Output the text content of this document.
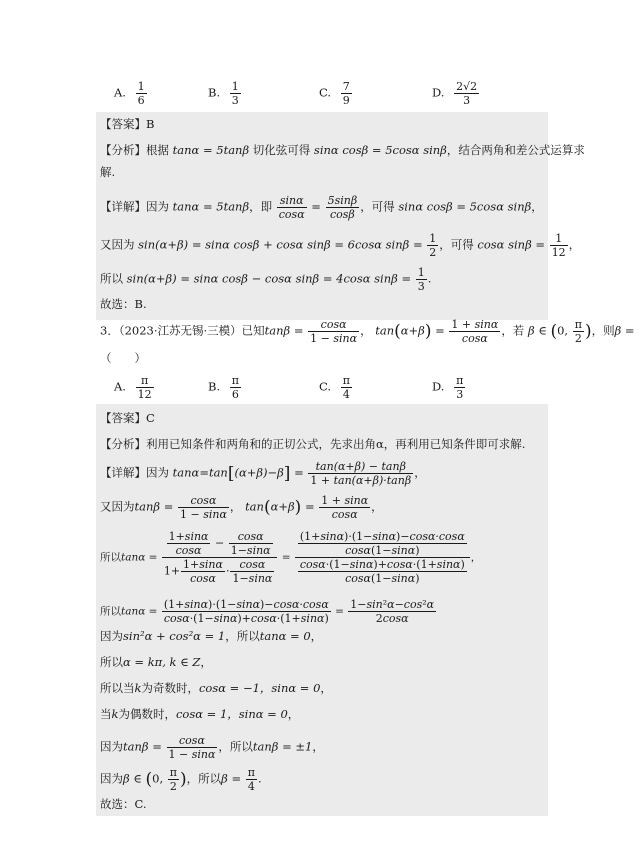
A. $\frac{1}{6}$	B. $\frac{1}{3}$	C. $\frac{7}{9}$	D. $\frac{2√2}{3}$
【答案】B
【分析】根据 tanα = 5tanβ 切化弦可得 sinα cosβ = 5cosα sinβ，结合两角和差公式运算求
解.
【详解】因为 tanα = 5tanβ，即 $\frac{\sin\alpha}{\cos\alpha} = \frac{5\sin\beta}{\cos\beta}$ ，可得 sinα cosβ = 5cosα sinβ，
又因为 sin(α+β) = sinα cosβ + cosα sinβ = 6cosα $\sin\beta = \frac{1}{2}$ ，可得 cosα $\sin\beta = \frac{1}{12}$ ，
所以 sin(α+β) = sinα cosβ − cosα sinβ = 4cosα $\sin\beta = \frac{1}{3}$ .
故选：B.
3．（2023·江苏无锡·三模）已知$\tan\beta = \frac{\cos\alpha}{1 - \sin\alpha}$ ， $\tan(\alpha+\beta) = \frac{1 + \sin\alpha}{\cos\alpha}$ ，若 β ∈ (0, $\frac{\pi}{2}$ )，则β =
（　　）
A. $\frac{\pi}{12}$	B. $\frac{\pi}{6}$	C. $\frac{\pi}{4}$	D. $\frac{\pi}{3}$
【答案】C
【分析】利用已知条件和两角和的正切公式，先求出角α，再利用已知条件即可求解.
【详解】因为 $\tan\alpha=\tan[(\alpha+\beta)-\beta] = \frac{\tan(\alpha+\beta) - \tan\beta}{1 + \tan(\alpha+\beta)\cdot\tan\beta}$ ，
又因为$\tan\beta = \frac{\cos\alpha}{1 - \sin\alpha}$ ， $\tan(\alpha+\beta) = \frac{1 + \sin\alpha}{\cos\alpha}$ ，
所以$\tan\alpha = \frac{\frac{1+\sin\alpha}{\cos\alpha} - \frac{\cos\alpha}{1-\sin\alpha}}{1+ \frac{1+\sin\alpha}{\cos\alpha} \cdot \frac{\cos\alpha}{1-\sin\alpha}} = \frac{\frac{(1+\sin\alpha)\cdot(1-\sin\alpha)-\cos\alpha\cdot\cos\alpha}{\cos\alpha(1-\sin\alpha)}}{\frac{\cos\alpha\cdot(1-\sin\alpha)+\cos\alpha\cdot(1+\sin\alpha)}{\cos\alpha(1-\sin\alpha)}}$ ，
所以$\tan\alpha = \frac{(1+\sin\alpha)\cdot(1-\sin\alpha)-\cos\alpha\cdot\cos\alpha}{\cos\alpha\cdot(1-\sin\alpha)+\cos\alpha\cdot(1+\sin\alpha)} = \frac{\text{1−sin²α−cos²α}}{2\cos\alpha}$
因为sin²α + cos²α = 1，所以tanα = 0，
所以α = kπ, k ∈ Z，
所以当k为奇数时，cosα = −1，sinα = 0，
当k为偶数时，cosα = 1，sinα = 0，
因为$\tan\beta = \frac{\cos\alpha}{1 - \sin\alpha}$ ，所以tanβ = ±1，
因为β ∈ (0, $\frac{\pi}{2}$ )，所以$\beta = \frac{\pi}{4}$ .
故选：C.
